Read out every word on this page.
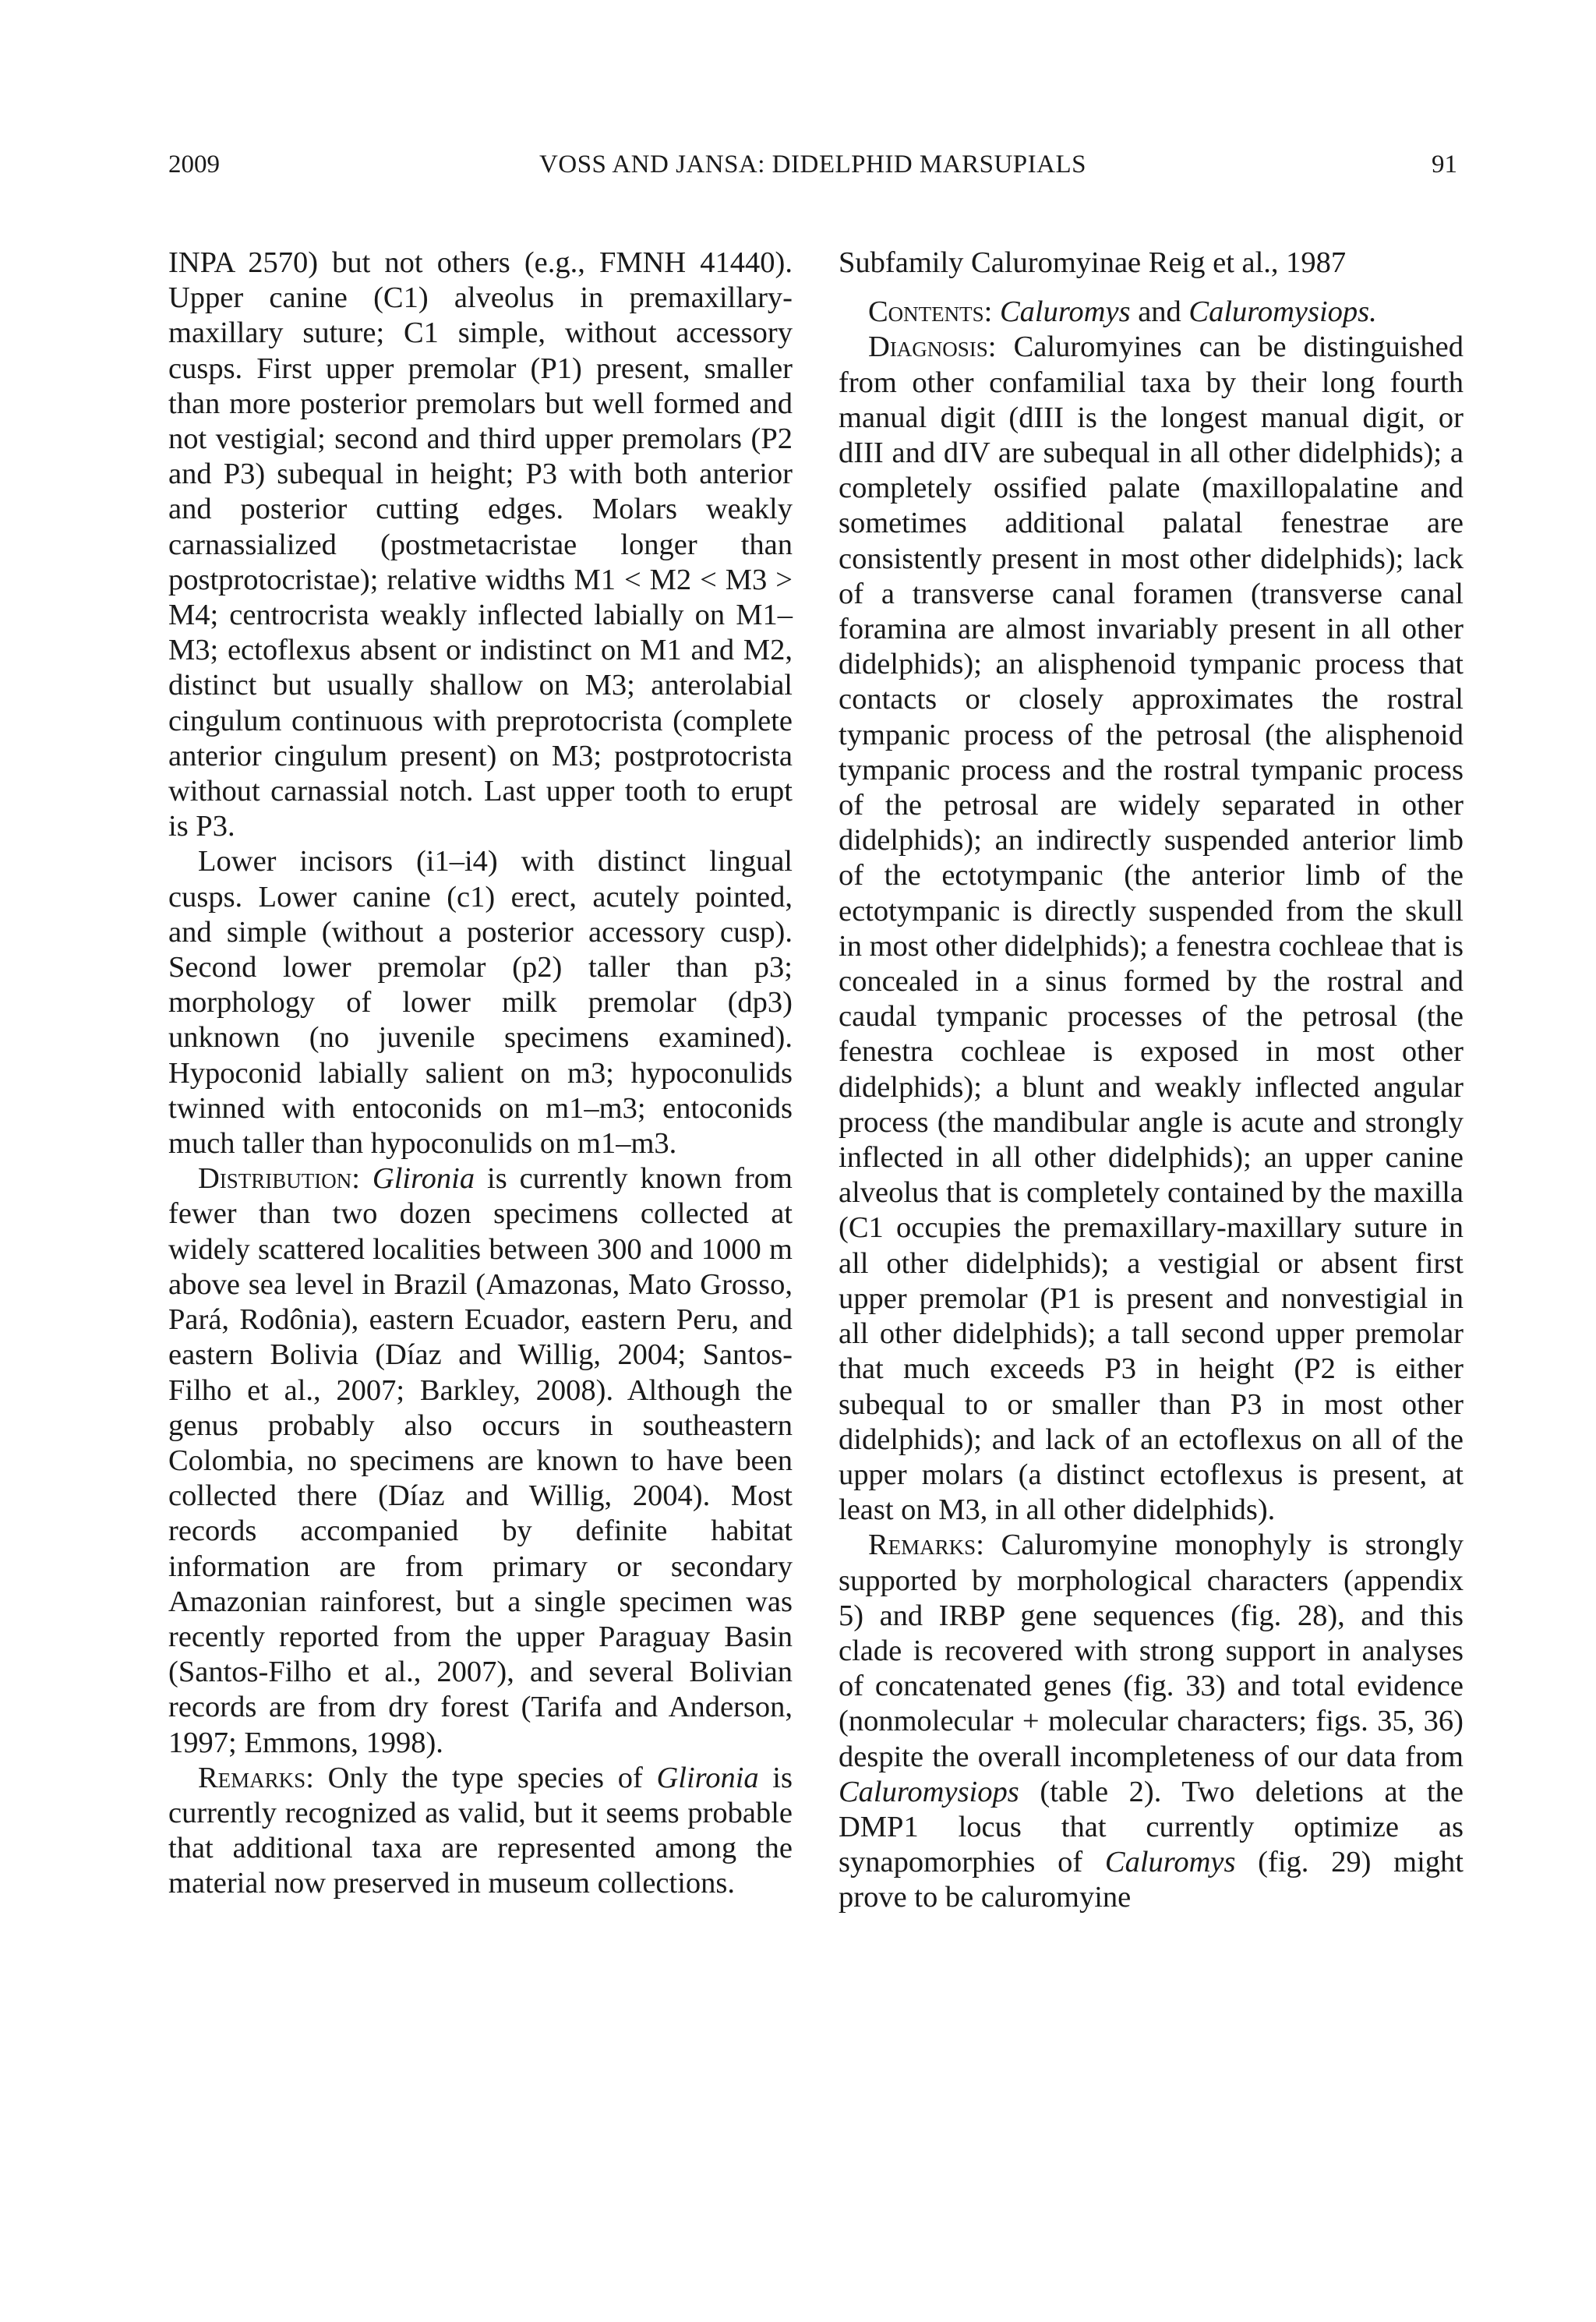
2009	VOSS AND JANSA: DIDELPHID MARSUPIALS	91

INPA 2570) but not others (e.g., FMNH 41440). Upper canine (C1) alveolus in premaxillary-maxillary suture; C1 simple, without accessory cusps. First upper premolar (P1) present, smaller than more posterior premolars but well formed and not vestigial; second and third upper premolars (P2 and P3) subequal in height; P3 with both anterior and posterior cutting edges. Molars weakly carnassialized (postmetacristae longer than postprotocristae); relative widths M1 < M2 < M3 > M4; centrocrista weakly inflected labially on M1–M3; ectoflexus absent or indistinct on M1 and M2, distinct but usually shallow on M3; anterolabial cingulum continuous with preprotocrista (complete anterior cingulum present) on M3; postprotocrista without carnassial notch. Last upper tooth to erupt is P3.

Lower incisors (i1–i4) with distinct lingual cusps. Lower canine (c1) erect, acutely pointed, and simple (without a posterior accessory cusp). Second lower premolar (p2) taller than p3; morphology of lower milk premolar (dp3) unknown (no juvenile specimens examined). Hypoconid labially salient on m3; hypoconulids twinned with entoconids on m1–m3; entoconids much taller than hypoconulids on m1–m3.

Distribution: Glironia is currently known from fewer than two dozen specimens collected at widely scattered localities between 300 and 1000 m above sea level in Brazil (Amazonas, Mato Grosso, Pará, Rodônia), eastern Ecuador, eastern Peru, and eastern Bolivia (Díaz and Willig, 2004; Santos-Filho et al., 2007; Barkley, 2008). Although the genus probably also occurs in southeastern Colombia, no specimens are known to have been collected there (Díaz and Willig, 2004). Most records accompanied by definite habitat information are from primary or secondary Amazonian rainforest, but a single specimen was recently reported from the upper Paraguay Basin (Santos-Filho et al., 2007), and several Bolivian records are from dry forest (Tarifa and Anderson, 1997; Emmons, 1998).

Remarks: Only the type species of Glironia is currently recognized as valid, but it seems probable that additional taxa are represented among the material now preserved in museum collections.

Subfamily Caluromyinae Reig et al., 1987

Contents: Caluromys and Caluromysiops.

Diagnosis: Caluromyines can be distinguished from other confamilial taxa by their long fourth manual digit (dIII is the longest manual digit, or dIII and dIV are subequal in all other didelphids); a completely ossified palate (maxillopalatine and sometimes additional palatal fenestrae are consistently present in most other didelphids); lack of a transverse canal foramen (transverse canal foramina are almost invariably present in all other didelphids); an alisphenoid tympanic process that contacts or closely approximates the rostral tympanic process of the petrosal (the alisphenoid tympanic process and the rostral tympanic process of the petrosal are widely separated in other didelphids); an indirectly suspended anterior limb of the ectotympanic (the anterior limb of the ectotympanic is directly suspended from the skull in most other didelphids); a fenestra cochleae that is concealed in a sinus formed by the rostral and caudal tympanic processes of the petrosal (the fenestra cochleae is exposed in most other didelphids); a blunt and weakly inflected angular process (the mandibular angle is acute and strongly inflected in all other didelphids); an upper canine alveolus that is completely contained by the maxilla (C1 occupies the premaxillary-maxillary suture in all other didelphids); a vestigial or absent first upper premolar (P1 is present and nonvestigial in all other didelphids); a tall second upper premolar that much exceeds P3 in height (P2 is either subequal to or smaller than P3 in most other didelphids); and lack of an ectoflexus on all of the upper molars (a distinct ectoflexus is present, at least on M3, in all other didelphids).

Remarks: Caluromyine monophyly is strongly supported by morphological characters (appendix 5) and IRBP gene sequences (fig. 28), and this clade is recovered with strong support in analyses of concatenated genes (fig. 33) and total evidence (nonmolecular + molecular characters; figs. 35, 36) despite the overall incompleteness of our data from Caluromysiops (table 2). Two deletions at the DMP1 locus that currently optimize as synapomorphies of Caluromys (fig. 29) might prove to be caluromyine
